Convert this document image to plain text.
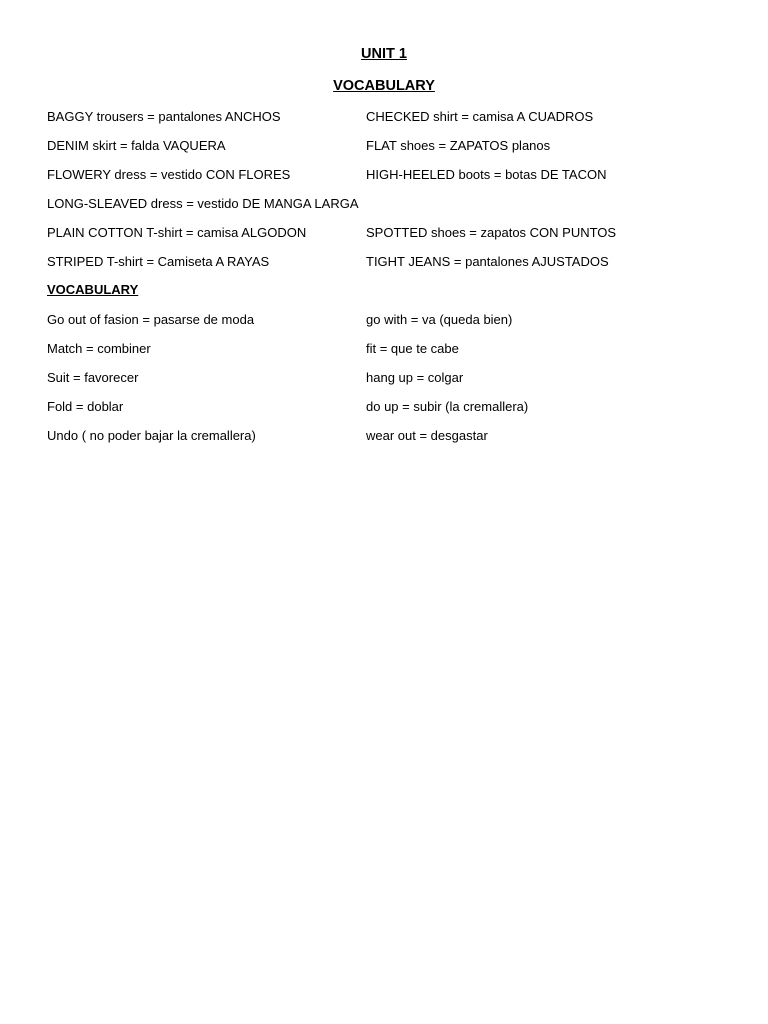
UNIT 1
VOCABULARY
BAGGY trousers = pantalones ANCHOS	CHECKED shirt = camisa A CUADROS
DENIM skirt = falda VAQUERA	FLAT shoes = ZAPATOS planos
FLOWERY dress = vestido CON FLORES	HIGH-HEELED boots = botas DE TACON
LONG-SLEAVED dress = vestido DE MANGA LARGA
PLAIN COTTON T-shirt = camisa ALGODON	SPOTTED shoes = zapatos CON PUNTOS
STRIPED T-shirt = Camiseta A RAYAS	TIGHT JEANS = pantalones AJUSTADOS
VOCABULARY
Go out of fasion = pasarse de moda	go with = va (queda bien)
Match = combiner	fit = que te cabe
Suit = favorecer	hang up = colgar
Fold = doblar	do up = subir (la cremallera)
Undo ( no poder bajar la cremallera)	wear out = desgastar
